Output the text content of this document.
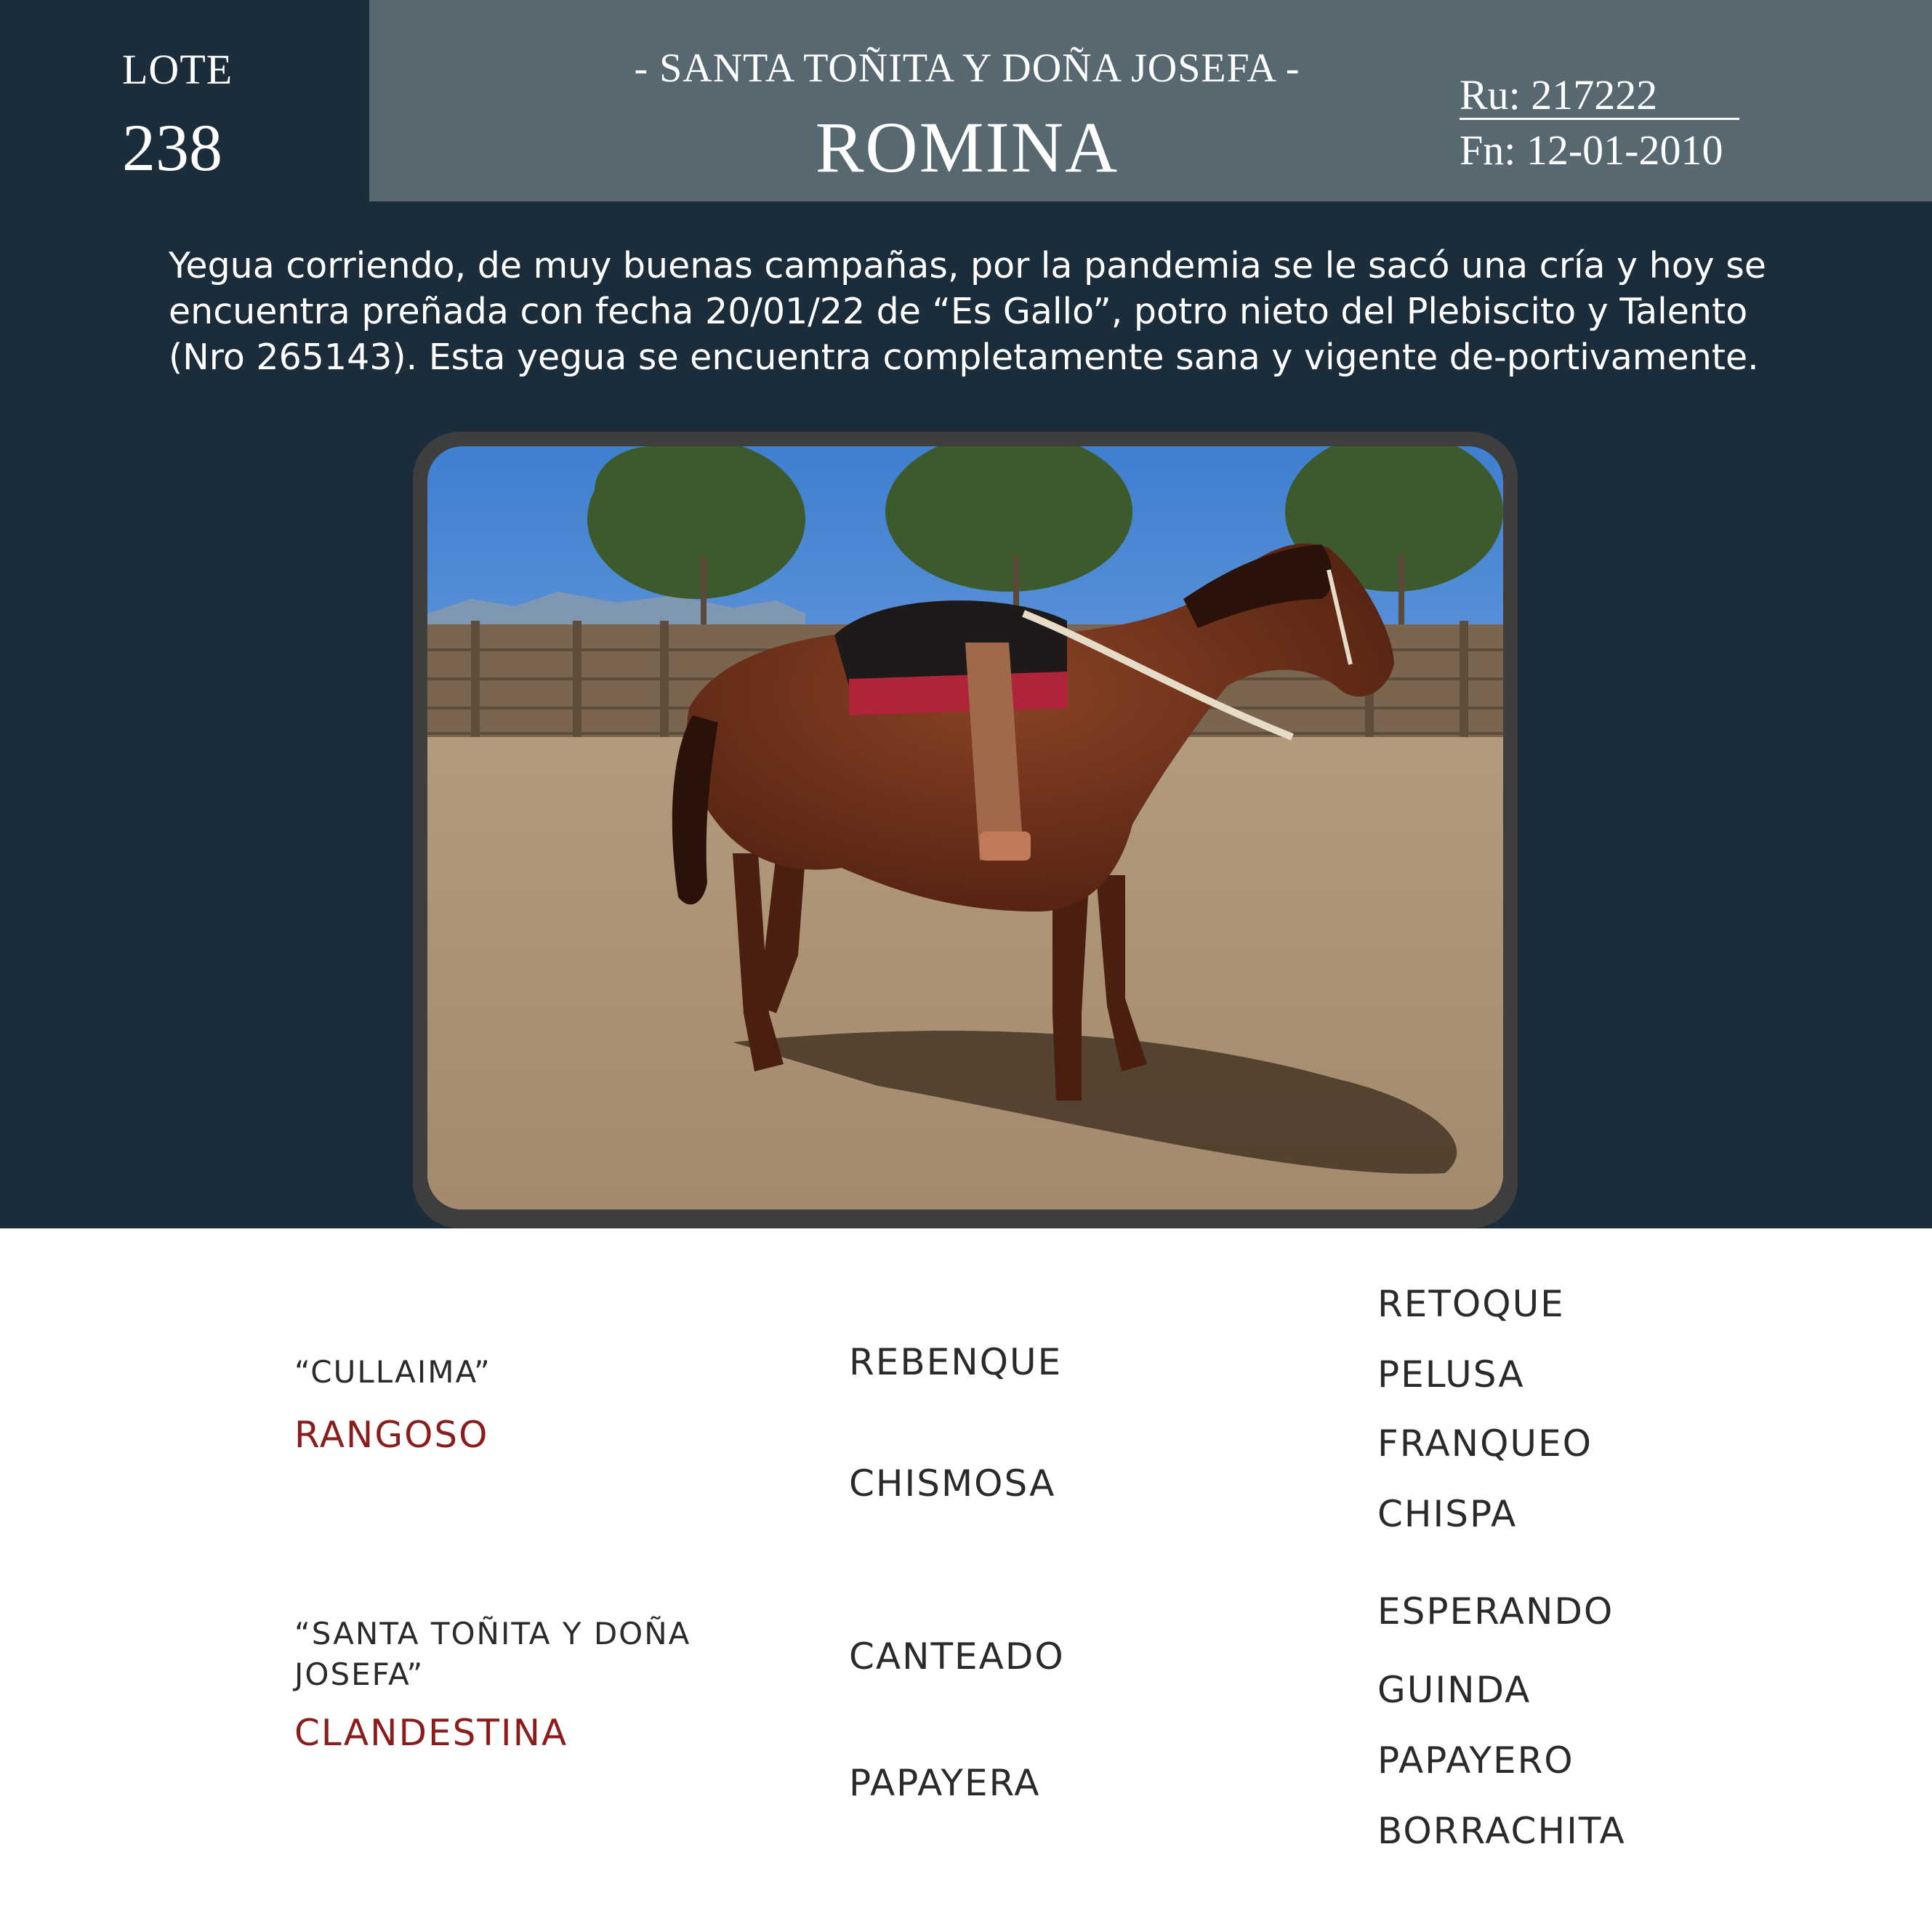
LOTE
238
- SANTA TOÑITA Y DOÑA JOSEFA -
ROMINA
Ru: 217222
Fn: 12-01-2010
Yegua corriendo, de muy buenas campañas, por la pandemia se le sacó una cría y hoy se encuentra preñada con fecha 20/01/22 de “Es Gallo”, potro nieto del Plebiscito y Talento (Nro 265143). Esta yegua se encuentra completamente sana y vigente de-portivamente.
“CULLAIMA”
RANGOSO
“SANTA TOÑITA Y DOÑA JOSEFA”
CLANDESTINA
REBENQUE
CHISMOSA
CANTEADO
PAPAYERA
RETOQUE
PELUSA
FRANQUEO
CHISPA
ESPERANDO
GUINDA
PAPAYERO
BORRACHITA
